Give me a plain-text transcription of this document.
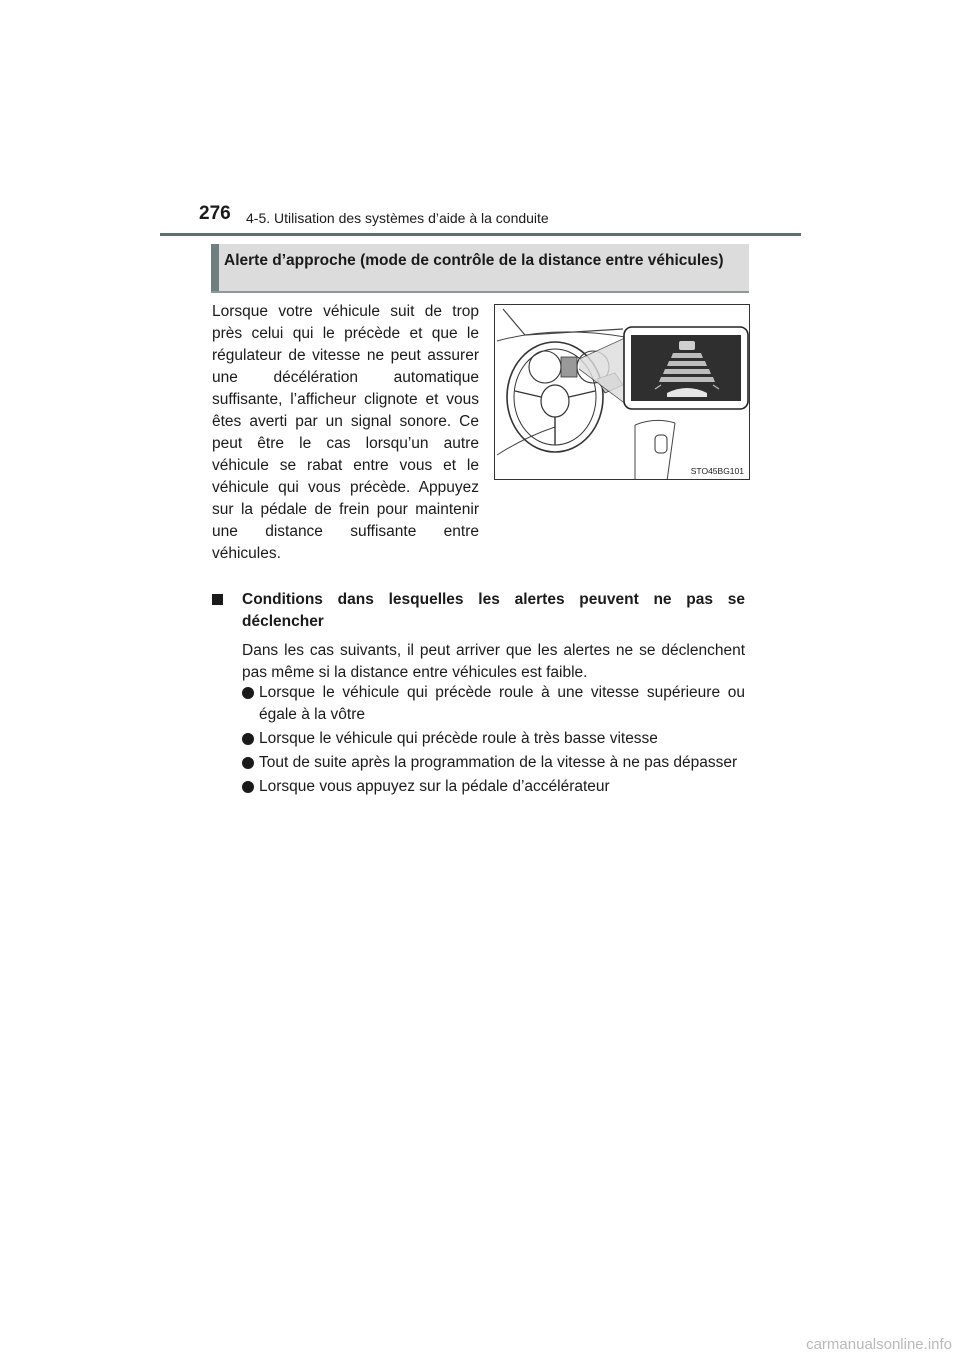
276 4-5. Utilisation des systèmes d’aide à la conduite
Alerte d’approche (mode de contrôle de la distance entre véhicules)
Lorsque votre véhicule suit de trop près celui qui le précède et que le régulateur de vitesse ne peut assurer une décélération automatique suffisante, l’afficheur clignote et vous êtes averti par un signal sonore. Ce peut être le cas lorsqu’un autre véhicule se rabat entre vous et le véhicule qui vous précède. Appuyez sur la pédale de frein pour maintenir une distance suffisante entre véhicules.
STO45BG101
Conditions dans lesquelles les alertes peuvent ne pas se déclencher
Dans les cas suivants, il peut arriver que les alertes ne se déclenchent pas même si la distance entre véhicules est faible.
Lorsque le véhicule qui précède roule à une vitesse supérieure ou égale à la vôtre
Lorsque le véhicule qui précède roule à très basse vitesse
Tout de suite après la programmation de la vitesse à ne pas dépasser
Lorsque vous appuyez sur la pédale d’accélérateur
carmanualsonline.info
